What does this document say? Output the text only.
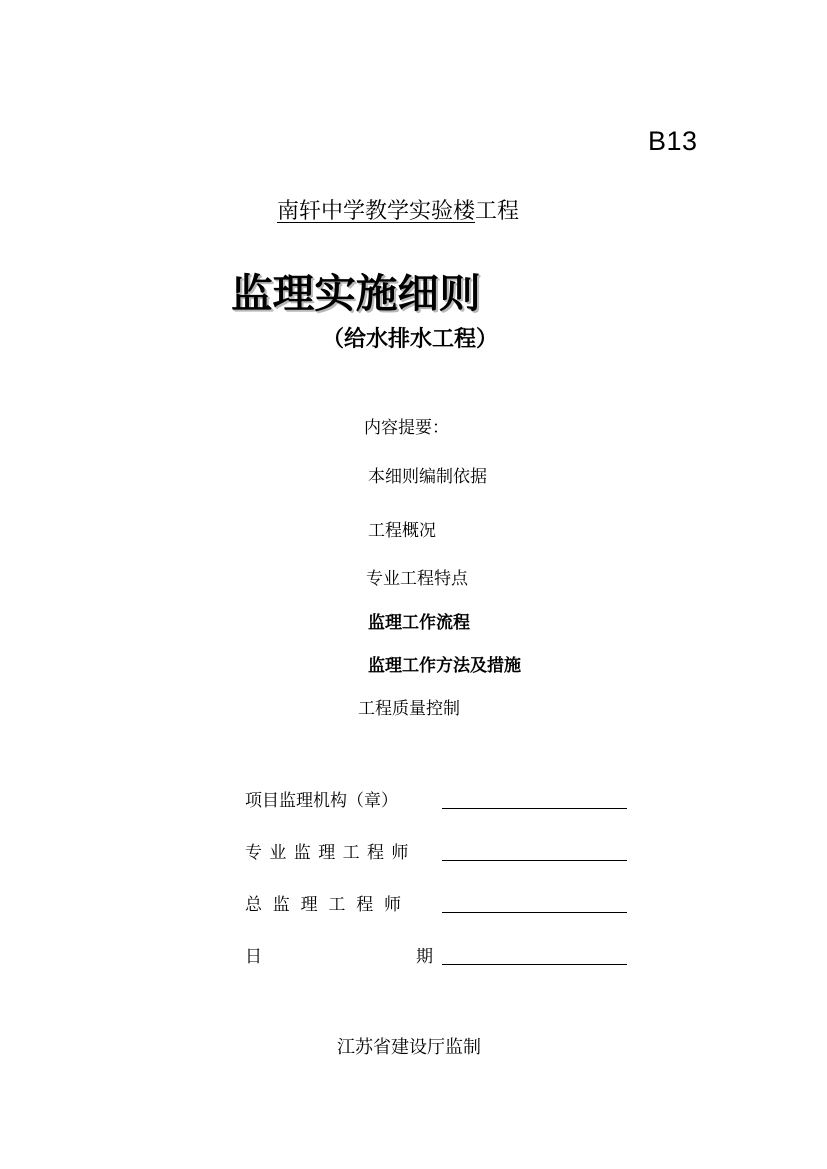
B13
南轩中学教学实验楼工程
监理实施细则
（给水排水工程）
内容提要：
本细则编制依据
工程概况
专业工程特点
监理工作流程
监理工作方法及措施
工程质量控制
项目监理机构（章）
专 业 监 理 工 程 师
总  监  理  工  程  师
日	期
江苏省建设厅监制
